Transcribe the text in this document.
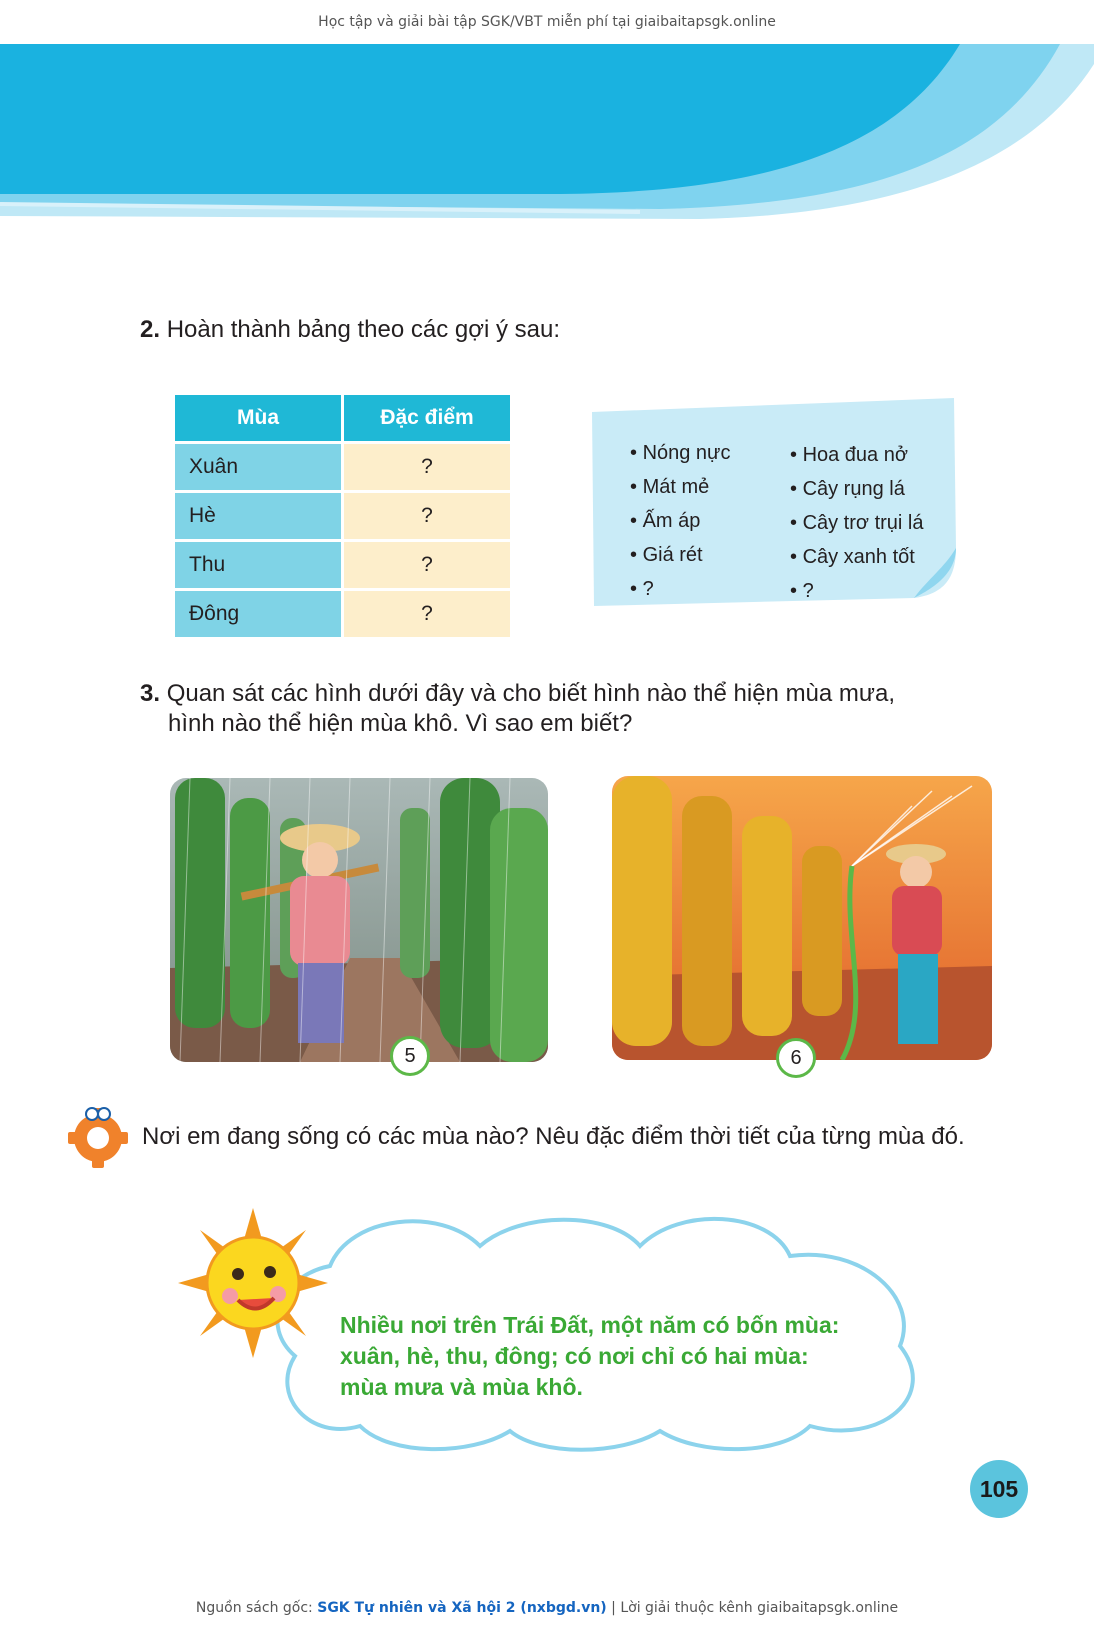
Học tập và giải bài tập SGK/VBT miễn phí tại giaibaitapsgk.online
2. Hoàn thành bảng theo các gợi ý sau:
Mùa	Đặc điểm
Xuân	?
Hè	?
Thu	?
Đông	?
• Nóng nực
• Mát mẻ
• Ấm áp
• Giá rét
• ?
• Hoa đua nở
• Cây rụng lá
• Cây trơ trụi lá
• Cây xanh tốt
• ?
3. Quan sát các hình dưới đây và cho biết hình nào thể hiện mùa mưa,
hình nào thể hiện mùa khô. Vì sao em biết?
5	6
Nơi em đang sống có các mùa nào? Nêu đặc điểm thời tiết của từng mùa đó.
Nhiều nơi trên Trái Đất, một năm có bốn mùa:
xuân, hè, thu, đông; có nơi chỉ có hai mùa:
mùa mưa và mùa khô.
105
Nguồn sách gốc: SGK Tự nhiên và Xã hội 2 (nxbgd.vn) | Lời giải thuộc kênh giaibaitapsgk.online
